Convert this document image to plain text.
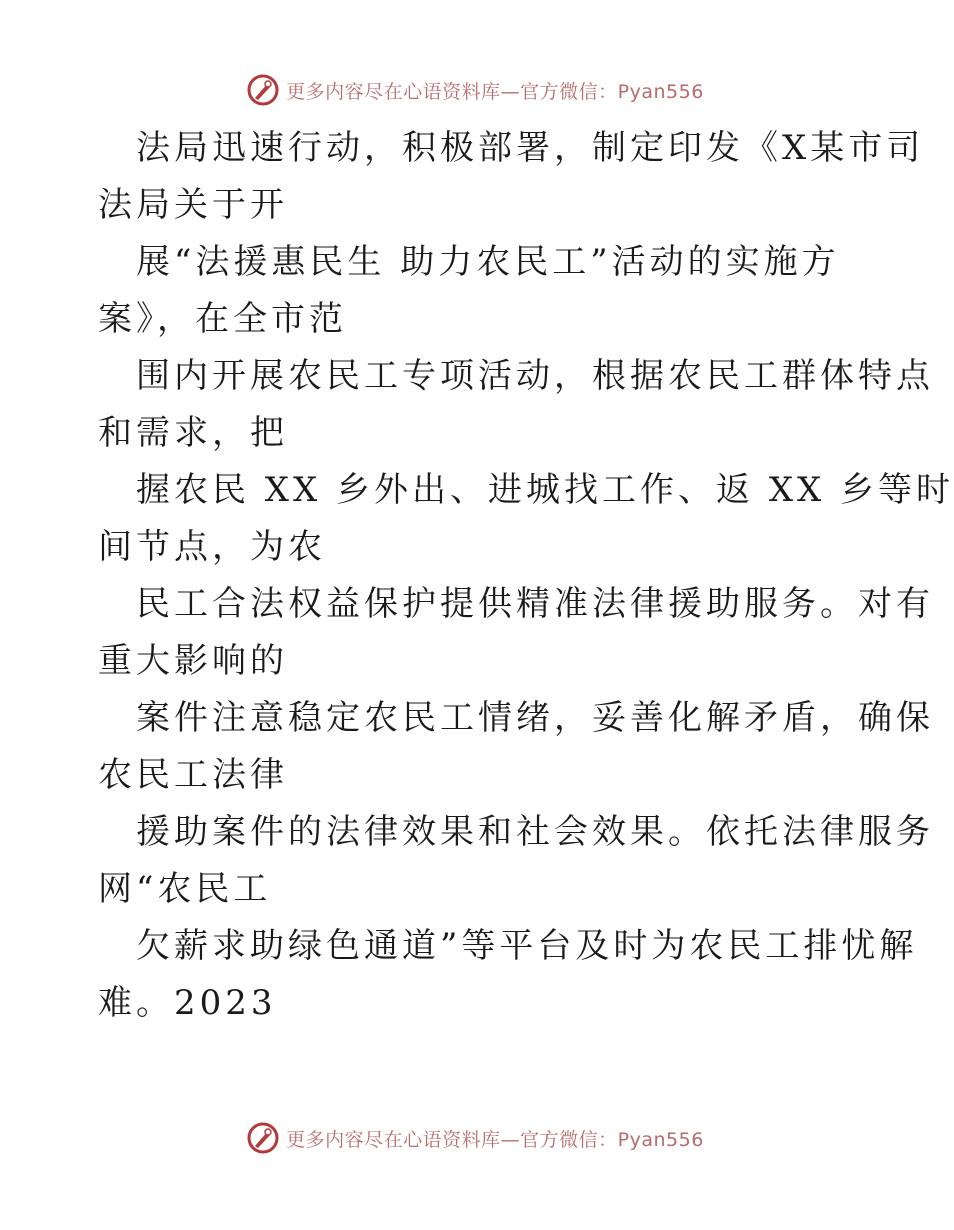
更多内容尽在心语资料库—官方微信：Pyan556
法局迅速行动，积极部署，制定印发《X某市司
法局关于开
展“法援惠民生 助力农民工”活动的实施方
案》，在全市范
围内开展农民工专项活动，根据农民工群体特点
和需求，把
握农民 XX 乡外出、进城找工作、返 XX 乡等时
间节点，为农
民工合法权益保护提供精准法律援助服务。对有
重大影响的
案件注意稳定农民工情绪，妥善化解矛盾，确保
农民工法律
援助案件的法律效果和社会效果。依托法律服务
网“农民工
欠薪求助绿色通道”等平台及时为农民工排忧解
难。2023
更多内容尽在心语资料库—官方微信：Pyan556
